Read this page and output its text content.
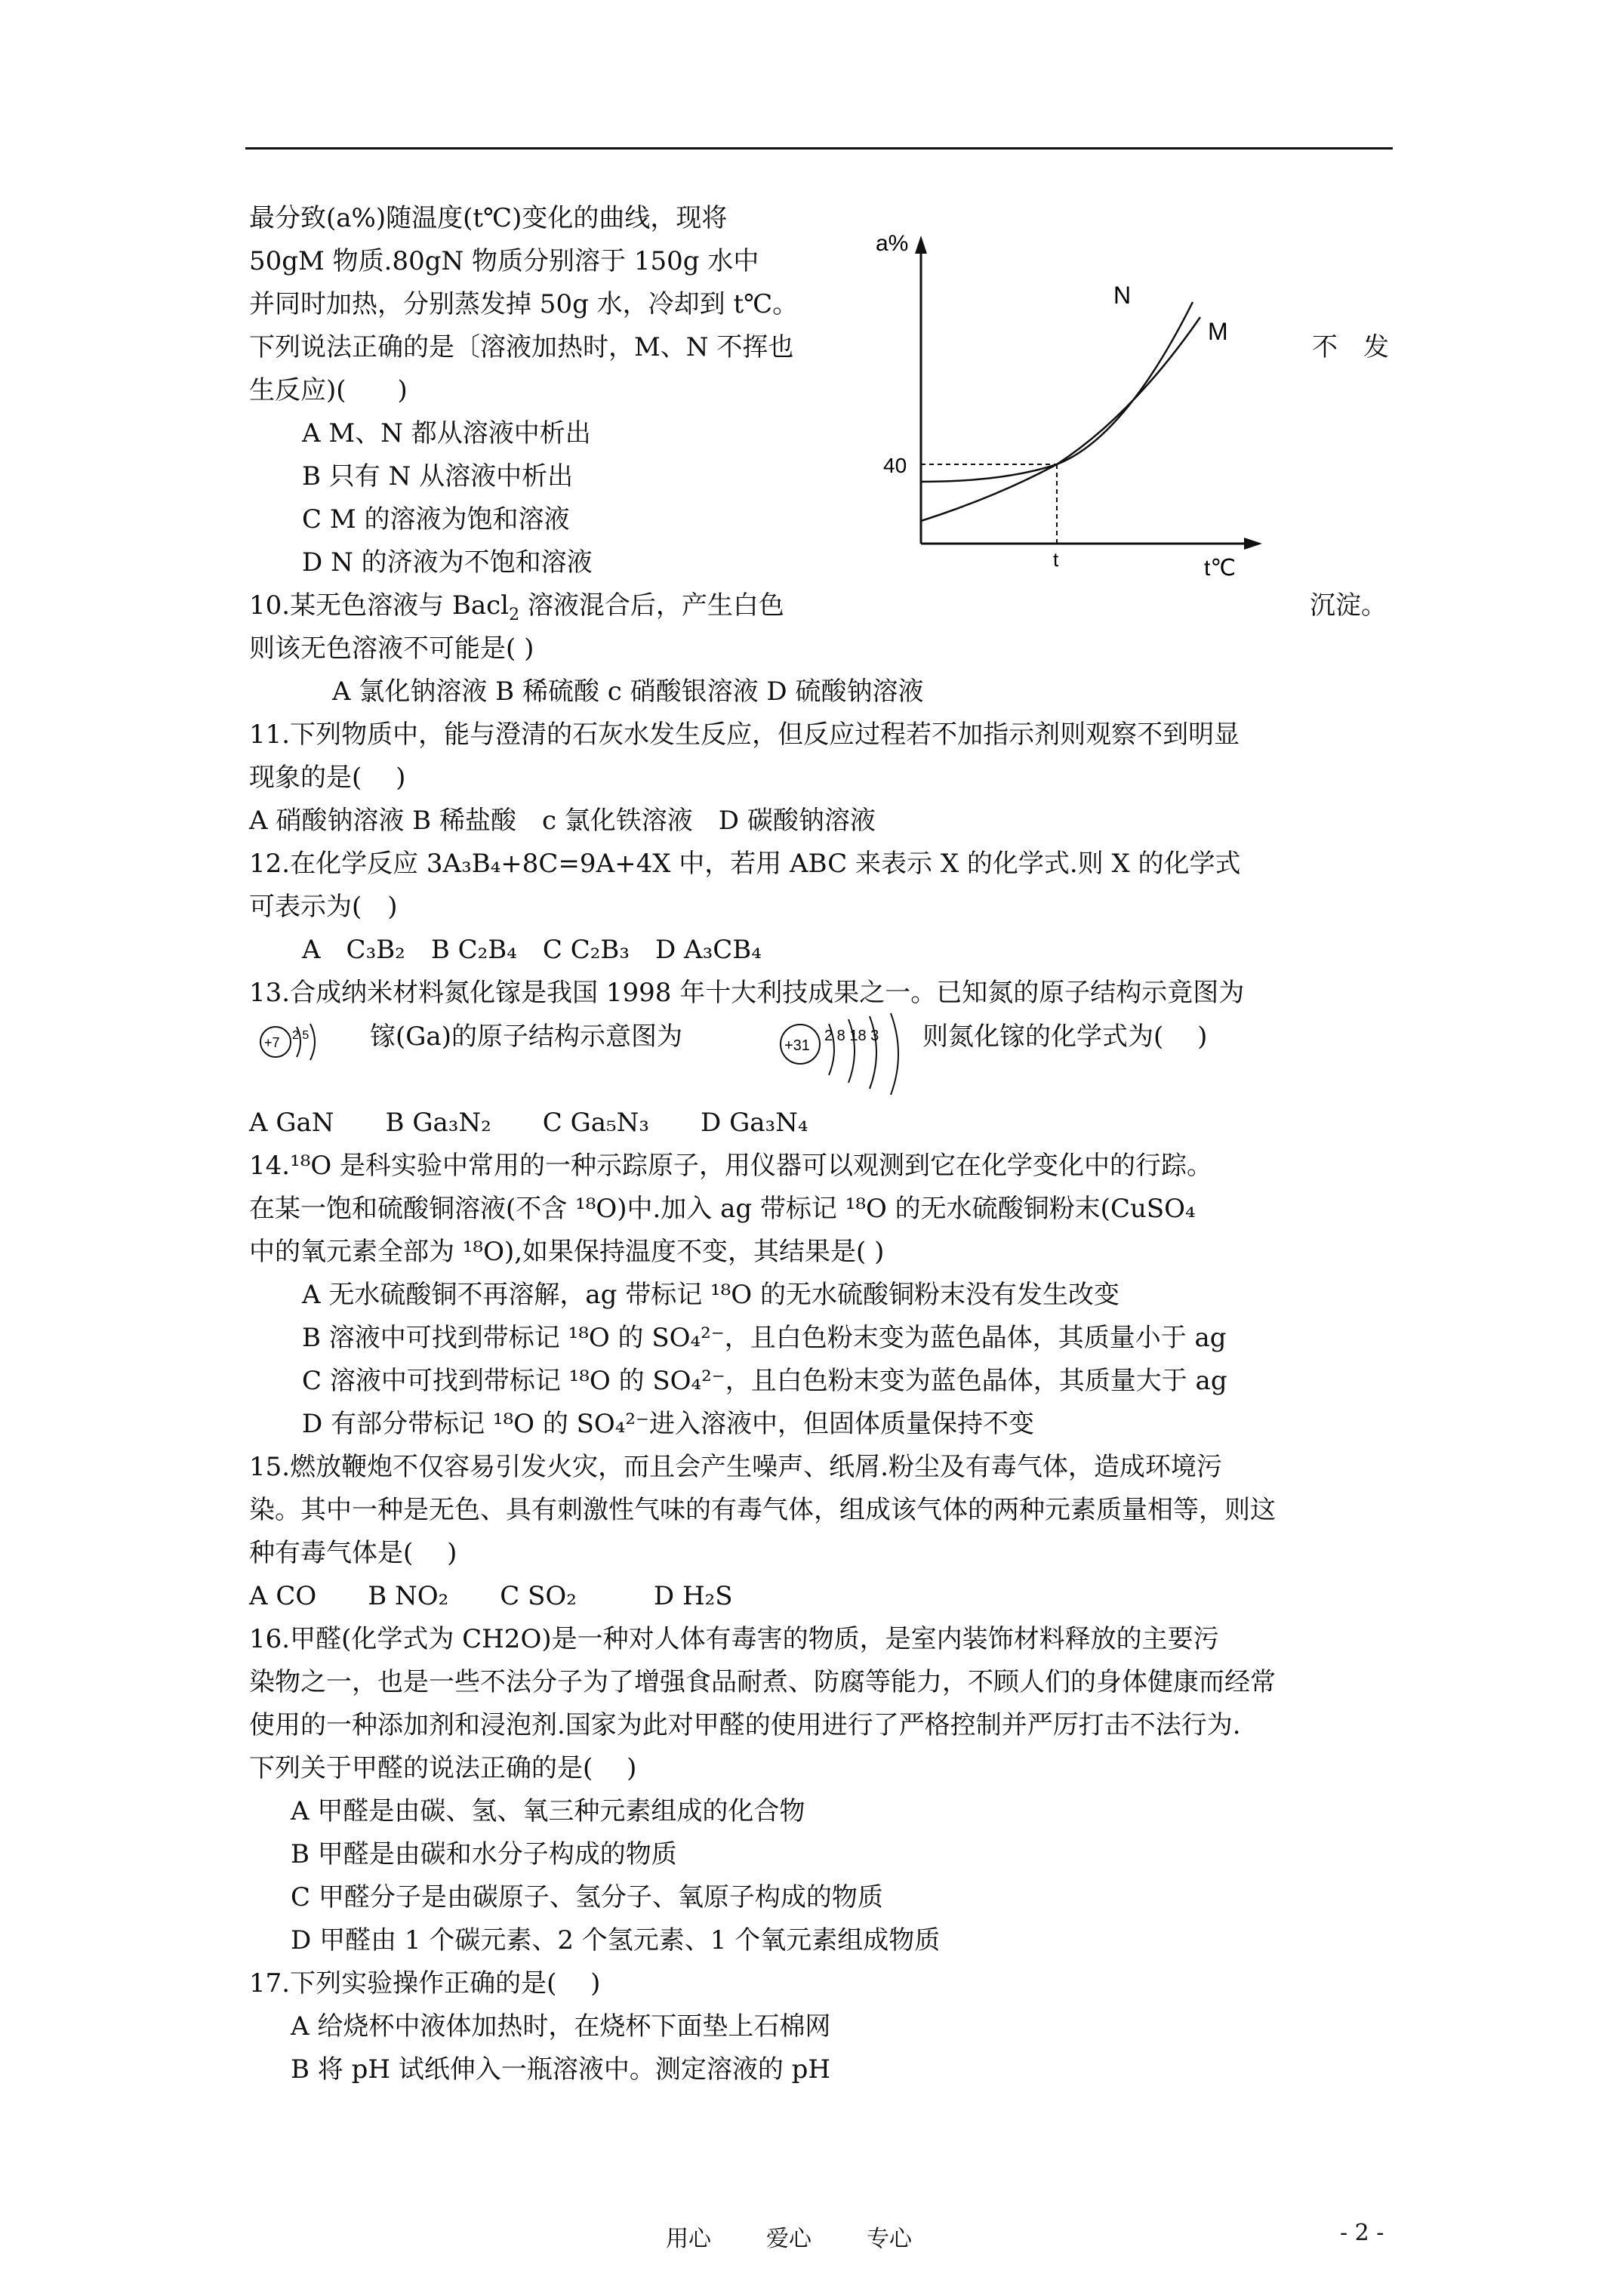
最分致(a%)随温度(t℃)变化的曲线，现将
50gM 物质.80gN 物质分别溶于 150g 水中
并同时加热，分别蒸发掉 50g 水，冷却到 t℃。
下列说法正确的是〔溶液加热时，M、N 不挥也	不　发
生反应)(　　)
A M、N 都从溶液中析出
B 只有 N 从溶液中析出
C M 的溶液为饱和溶液
D N 的济液为不饱和溶液
a%
t℃
40
t
N
M
10.某无色溶液与 Bacl$_2$ 溶液混合后，产生白色	沉淀。
则该无色溶液不可能是( )
A 氯化钠溶液 B 稀硫酸 c 硝酸银溶液 D 硫酸钠溶液
11.下列物质中，能与澄清的石灰水发生反应，但反应过程若不加指示剂则观察不到明显
现象的是(　 )
A 硝酸钠溶液 B 稀盐酸　c 氯化铁溶液　D 碳酸钠溶液
12.在化学反应 3A₃B₄+8C=9A+4X 中，若用 ABC 来表示 X 的化学式.则 X 的化学式
可表示为(　)
A　C₃B₂　B C₂B₄　C C₂B₃　D A₃CB₄
13.合成纳米材料氮化镓是我国 1998 年十大利技成果之一。已知氮的原子结构示竟图为
+7 2 5 镓(Ga)的原子结构示意图为	+31
2 8 18 3 则氮化镓的化学式为(　 )
A GaN　　B Ga₃N₂　　C Ga₅N₃　　D Ga₃N₄
14.¹⁸O 是科实验中常用的一种示踪原子，用仪器可以观测到它在化学变化中的行踪。
在某一饱和硫酸铜溶液(不含 ¹⁸O)中.加入 ag 带标记 ¹⁸O 的无水硫酸铜粉末(CuSO₄
中的氧元素全部为 ¹⁸O),如果保持温度不变，其结果是( )
A 无水硫酸铜不再溶解，ag 带标记 ¹⁸O 的无水硫酸铜粉末没有发生改变
B 溶液中可找到带标记 ¹⁸O 的 SO₄²⁻，且白色粉末变为蓝色晶体，其质量小于 ag
C 溶液中可找到带标记 ¹⁸O 的 SO₄²⁻，且白色粉末变为蓝色晶体，其质量大于 ag
D 有部分带标记 ¹⁸O 的 SO₄²⁻进入溶液中，但固体质量保持不变
15.燃放鞭炮不仅容易引发火灾，而且会产生噪声、纸屑.粉尘及有毒气体，造成环境污
染。其中一种是无色、具有刺激性气味的有毒气体，组成该气体的两种元素质量相等，则这
种有毒气体是(　 )
A CO　　B NO₂　　C SO₂　　　D H₂S
16.甲醛(化学式为 CH2O)是一种对人体有毒害的物质，是室内装饰材料释放的主要污
染物之一，也是一些不法分子为了增强食品耐煮、防腐等能力，不顾人们的身体健康而经常
使用的一种添加剂和浸泡剂.国家为此对甲醛的使用进行了严格控制并严厉打击不法行为.
下列关于甲醛的说法正确的是(　 )
A 甲醛是由碳、氢、氧三种元素组成的化合物
B 甲醛是由碳和水分子构成的物质
C 甲醛分子是由碳原子、氢分子、氧原子构成的物质
D 甲醛由 1 个碳元素、2 个氢元素、1 个氧元素组成物质
17.下列实验操作正确的是(　 )
A 给烧杯中液体加热时，在烧杯下面垫上石棉网
B 将 pH 试纸伸入一瓶溶液中。测定溶液的 pH
用心 爱心 专心	- 2 -
